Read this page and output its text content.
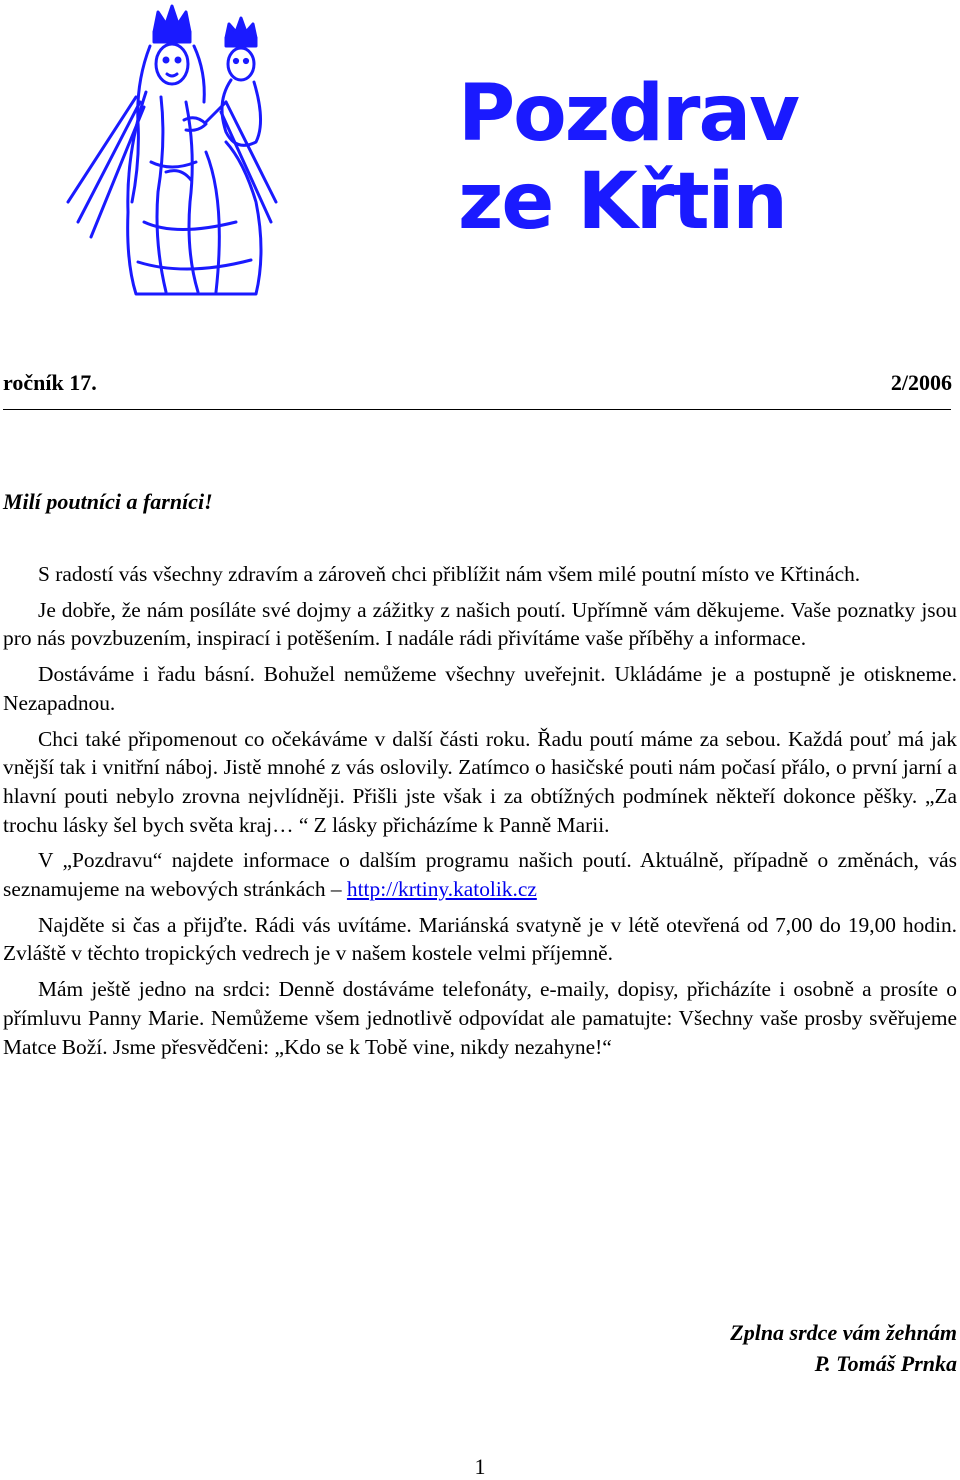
Pozdrav
ze Křtin
ročník 17.	2/2006
Milí poutníci a farníci!

S radostí vás všechny zdravím a zároveň chci přiblížit nám všem milé poutní místo ve Křtinách.

Je dobře, že nám posíláte své dojmy a zážitky z našich poutí. Upřímně vám děkujeme. Vaše poznatky jsou pro nás povzbuzením, inspirací i potěšením. I nadále rádi přivítáme vaše příběhy a informace.

Dostáváme i řadu básní. Bohužel nemůžeme všechny uveřejnit. Ukládáme je a postupně je otiskneme. Nezapadnou.

Chci také připomenout co očekáváme v další části roku. Řadu poutí máme za sebou. Každá pouť má jak vnější tak i vnitřní náboj. Jistě mnohé z vás oslovily. Zatímco o hasičské pouti nám počasí přálo, o první jarní a hlavní pouti nebylo zrovna nejvlídněji. Přišli jste však i za obtížných podmínek někteří dokonce pěšky. „Za trochu lásky šel bych světa kraj… “ Z lásky přicházíme k Panně Marii.

V „Pozdravu“ najdete informace o dalším programu našich poutí. Aktuálně, případně o změnách, vás seznamujeme na webových stránkách – http://krtiny.katolik.cz

Najděte si čas a přijďte. Rádi vás uvítáme. Mariánská svatyně je v létě otevřená od 7,00 do 19,00 hodin. Zvláště v těchto tropických vedrech je v našem kostele velmi příjemně.

Mám ještě jedno na srdci: Denně dostáváme telefonáty, e-maily, dopisy, přicházíte i osobně a prosíte o přímluvu Panny Marie. Nemůžeme všem jednotlivě odpovídat ale pamatujte: Všechny vaše prosby svěřujeme Matce Boží. Jsme přesvědčeni: „Kdo se k Tobě vine, nikdy nezahyne!“

Zplna srdce vám žehnám
P. Tomáš Prnka
1
